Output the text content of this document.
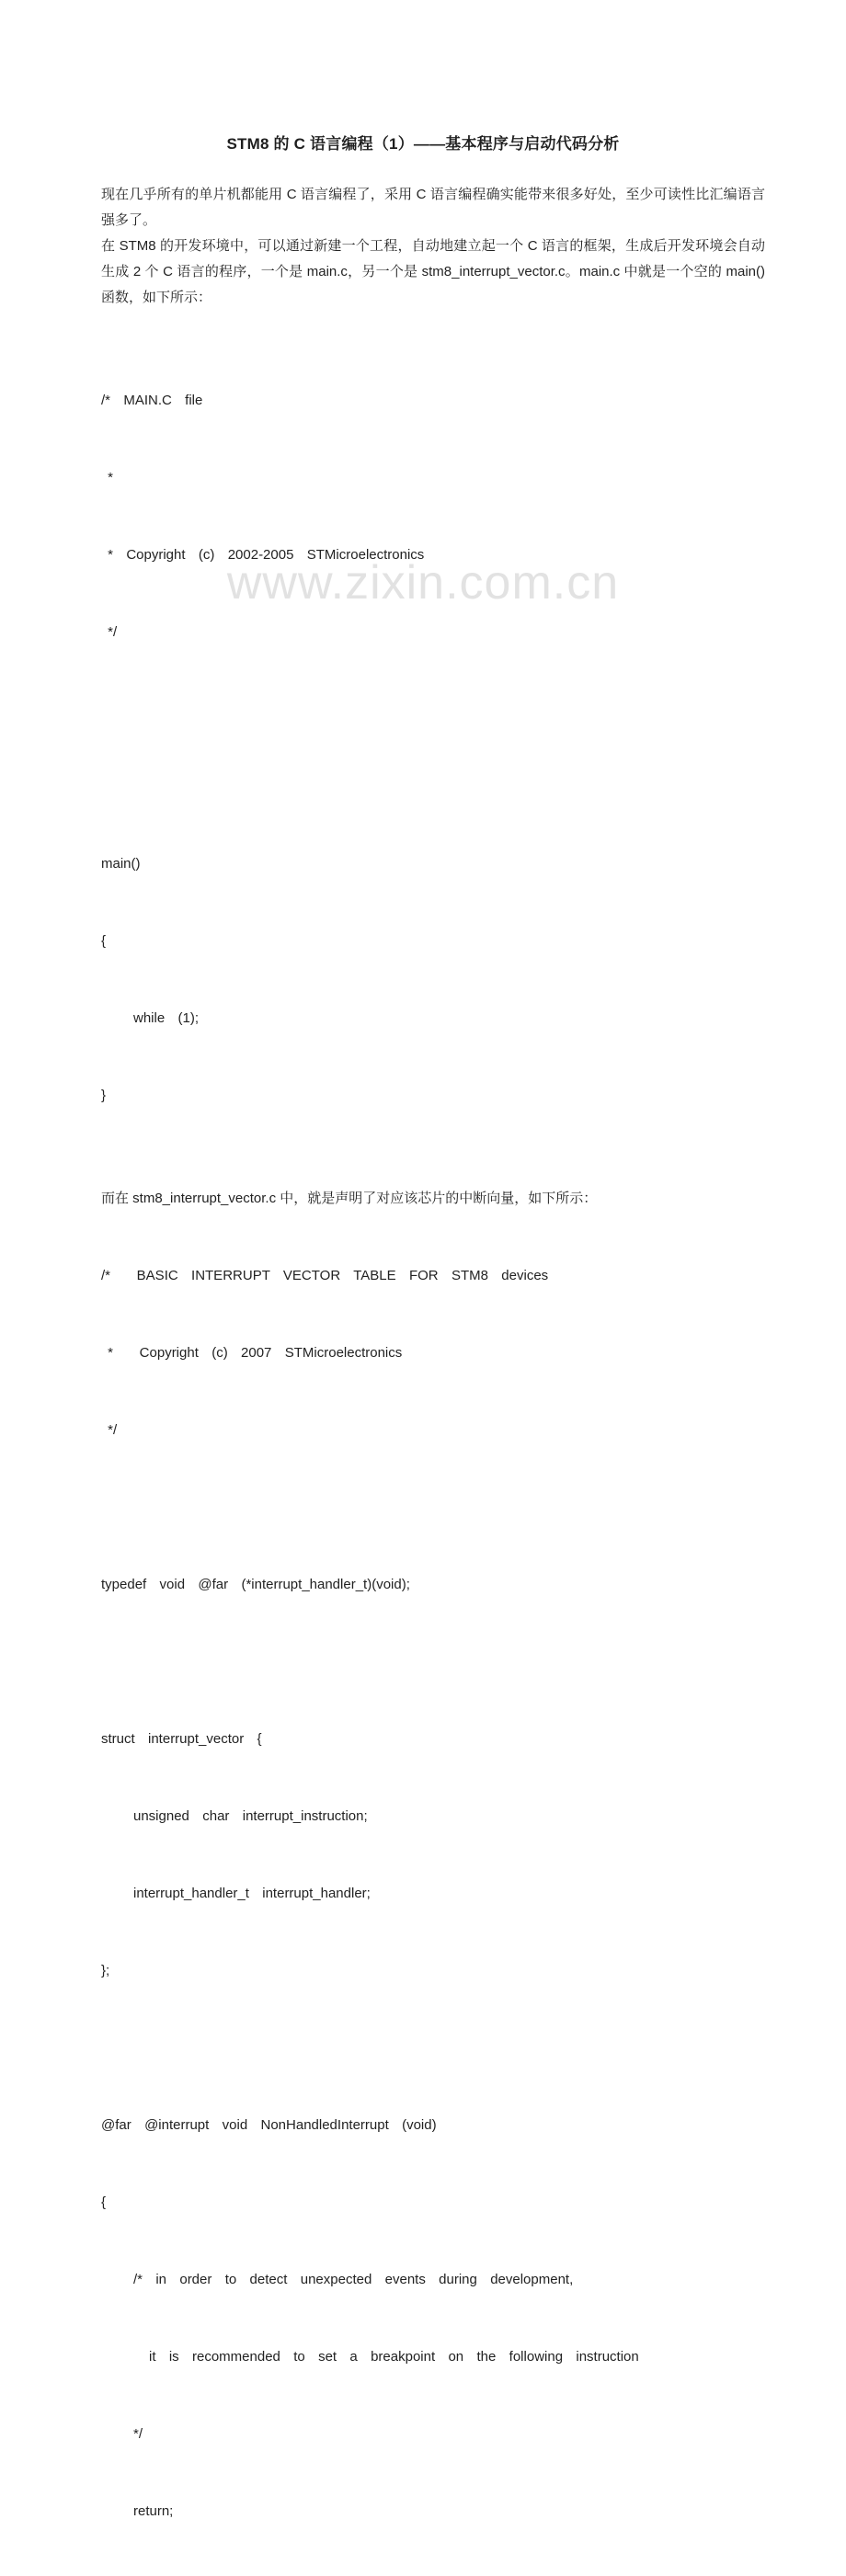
STM8 的 C 语言编程（1）——基本程序与启动代码分析

现在几乎所有的单片机都能用 C 语言编程了，采用 C 语言编程确实能带来很多好处，至少可读性比汇编语言强多了。

在 STM8 的开发环境中，可以通过新建一个工程，自动地建立起一个 C 语言的框架，生成后开发环境会自动生成 2 个 C 语言的程序，一个是 main.c，另一个是 stm8_interrupt_vector.c。main.c 中就是一个空的 main()函数，如下所示：

/*  MAIN.C  file

*

*  Copyright  (c)  2002-2005  STMicroelectronics

*/

main()

{

while  (1);

}

而在 stm8_interrupt_vector.c 中，就是声明了对应该芯片的中断向量，如下所示：

/*    BASIC  INTERRUPT  VECTOR  TABLE  FOR  STM8  devices

*    Copyright  (c)  2007  STMicroelectronics

*/

typedef  void  @far  (*interrupt_handler_t)(void);

struct  interrupt_vector  {

unsigned  char  interrupt_instruction;

interrupt_handler_t  interrupt_handler;

};

@far  @interrupt  void  NonHandledInterrupt  (void)

{

/*  in  order  to  detect  unexpected  events  during  development,

it  is  recommended  to  set  a  breakpoint  on  the  following  instruction

*/

return;

www.zixin.com.cn
